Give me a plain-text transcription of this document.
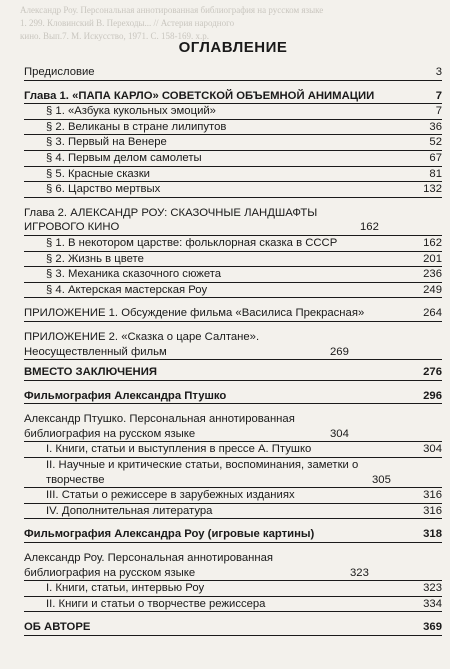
Александр Роу. Персональная аннотированная библиография на русском языке
1. 299. Кловинский В. Переходы... // Астерия народного
кино. Вып.7. М. Искусство, 1971. С. 158-169. х.р.
ОГЛАВЛЕНИЕ
Предисловие	3
Глава 1. «ПАПА КАРЛО» СОВЕТСКОЙ ОБЪЕМНОЙ АНИМАЦИИ	7
§ 1. «Азбука кукольных эмоций»	7
§ 2. Великаны в стране лилипутов	36
§ 3. Первый на Венере	52
§ 4. Первым делом самолеты	67
§ 5. Красные сказки	81
§ 6. Царство мертвых	132
Глава 2. АЛЕКСАНДР РОУ: СКАЗОЧНЫЕ ЛАНДШАФТЫ ИГРОВОГО КИНО	162
§ 1. В некотором царстве: фольклорная сказка в СССР	162
§ 2. Жизнь в цвете	201
§ 3. Механика сказочного сюжета	236
§ 4. Актерская мастерская Роу	249
ПРИЛОЖЕНИЕ 1. Обсуждение фильма «Василиса Прекрасная»	264
ПРИЛОЖЕНИЕ 2. «Сказка о царе Салтане». Неосуществленный фильм	269
ВМЕСТО ЗАКЛЮЧЕНИЯ	276
Фильмография Александра Птушко	296
Александр Птушко. Персональная аннотированная библиография на русском языке	304
I. Книги, статьи и выступления в прессе А. Птушко	304
II. Научные и критические статьи, воспоминания, заметки о творчестве	305
III. Статьи о режиссере в зарубежных изданиях	316
IV. Дополнительная литература	316
Фильмография Александра Роу (игровые картины)	318
Александр Роу. Персональная аннотированная библиография на русском языке	323
I. Книги, статьи, интервью Роу	323
II. Книги и статьи о творчестве режиссера	334
ОБ АВТОРЕ	369
